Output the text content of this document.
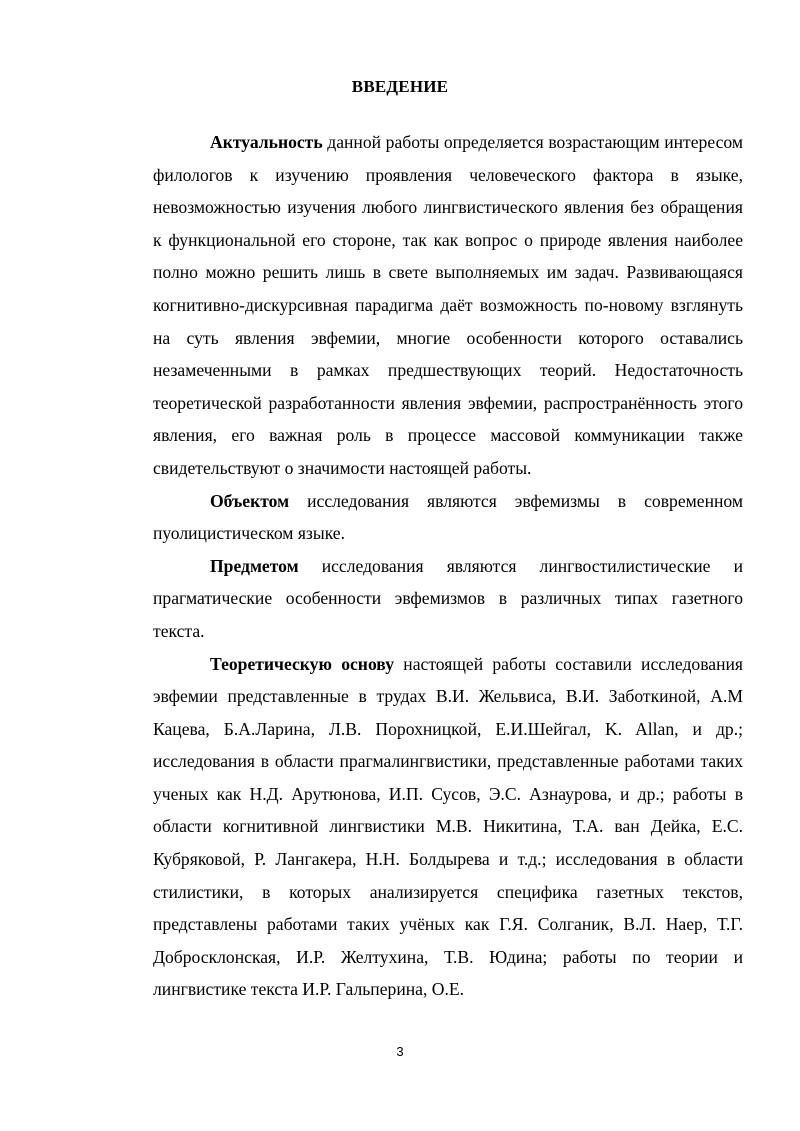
ВВЕДЕНИЕ

Актуальность данной работы определяется возрастающим интересом филологов к изучению проявления человеческого фактора в языке, невозможностью изучения любого лингвистического явления без обращения к функциональной его стороне, так как вопрос о природе явления наиболее полно можно решить лишь в свете выполняемых им задач. Развивающаяся когнитивно-дискурсивная парадигма даёт возможность по-новому взглянуть на суть явления эвфемии, многие особенности которого оставались незамеченными в рамках предшествующих теорий. Недостаточность теоретической разработанности явления эвфемии, распространённость этого явления, его важная роль в процессе массовой коммуникации также свидетельствуют о значимости настоящей работы.

Объектом исследования являются эвфемизмы в современном пуолицистическом языке.

Предметом исследования являются лингвостилистические и прагматические особенности эвфемизмов в различных типах газетного текста.

Теоретическую основу настоящей работы составили исследования эвфемии представленные в трудах В.И. Жельвиса, В.И. Заботкиной, А.М Кацева, Б.А.Ларина, Л.В. Порохницкой, Е.И.Шейгал, K. Allan, и др.; исследования в области прагмалингвистики, представленные работами таких ученых как Н.Д. Арутюнова, И.П. Сусов, Э.С. Азнаурова, и др.; работы в области когнитивной лингвистики М.В. Никитина, Т.А. ван Дейка, Е.С. Кубряковой, Р. Лангакера, Н.Н. Болдырева и т.д.; исследования в области стилистики, в которых анализируется специфика газетных текстов, представлены работами таких учёных как Г.Я. Солганик, В.Л. Наер, Т.Г. Добросклонская, И.Р. Желтухина, Т.В. Юдина; работы по теории и лингвистике текста И.Р. Гальперина, О.Е.

3
